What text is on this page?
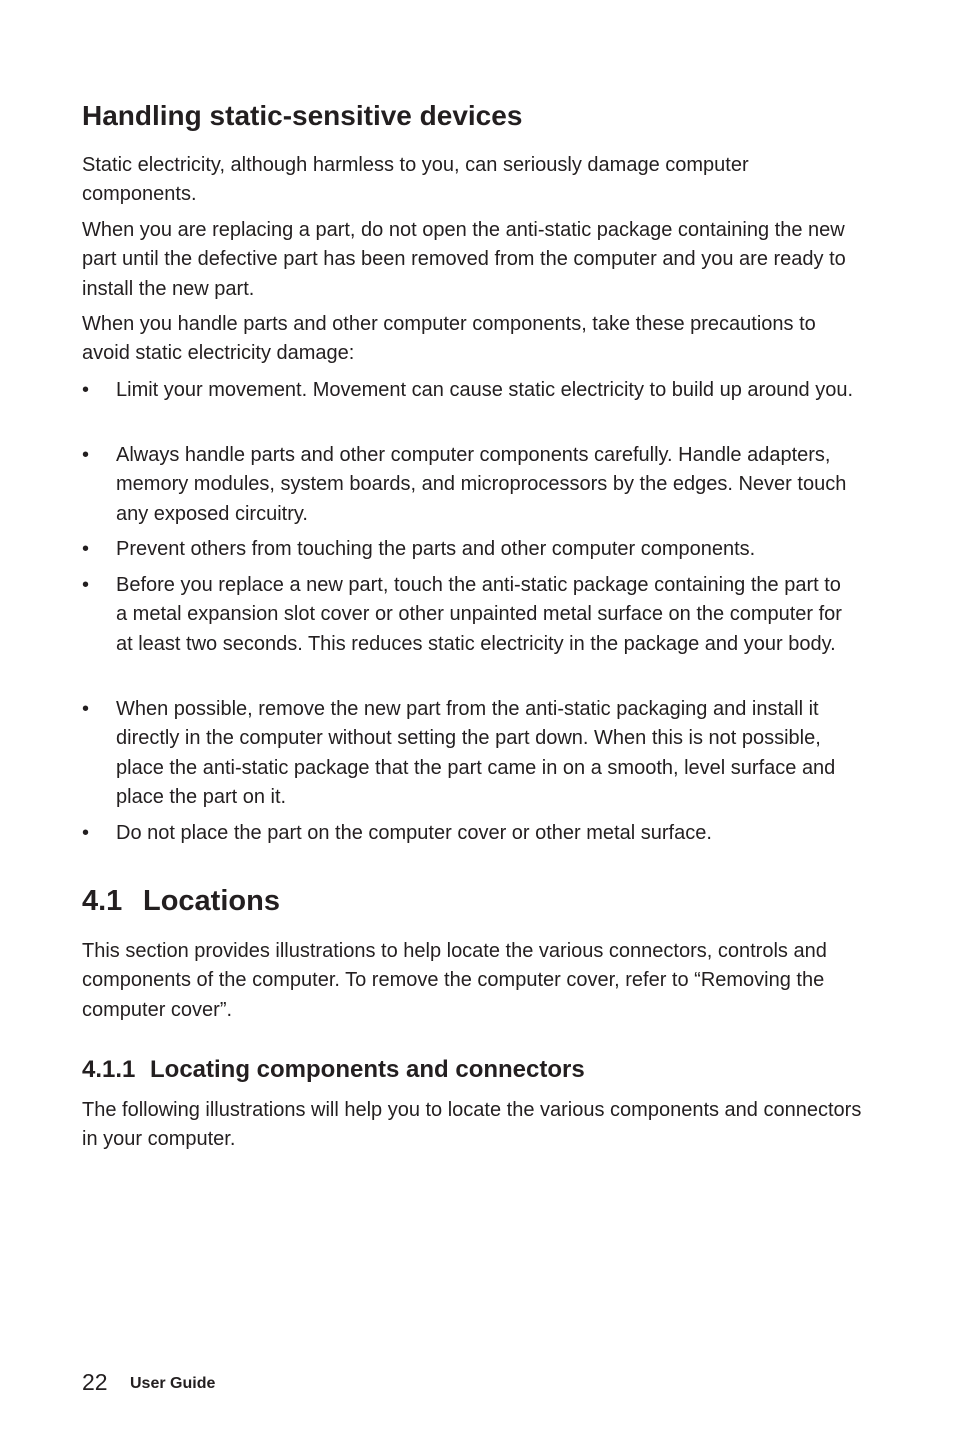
Handling static-sensitive devices

Static electricity, although harmless to you, can seriously damage computer components.

When you are replacing a part, do not open the anti-static package containing the new part until the defective part has been removed from the computer and you are ready to install the new part.

When you handle parts and other computer components, take these precautions to avoid static electricity damage:

•	Limit your movement. Movement can cause static electricity to build up around you.
•	Always handle parts and other computer components carefully. Handle adapters, memory modules, system boards, and microprocessors by the edges. Never touch any exposed circuitry.
•	Prevent others from touching the parts and other computer components.
•	Before you replace a new part, touch the anti-static package containing the part to a metal expansion slot cover or other unpainted metal surface on the computer for at least two seconds. This reduces static electricity in the package and your body.
•	When possible, remove the new part from the anti-static packaging and install it directly in the computer without setting the part down. When this is not possible, place the anti-static package that the part came in on a smooth, level surface and place the part on it.
•	Do not place the part on the computer cover or other metal surface.
4.1 Locations

This section provides illustrations to help locate the various connectors, controls and components of the computer. To remove the computer cover, refer to “Removing the computer cover”.

4.1.1 Locating components and connectors

The following illustrations will help you to locate the various components and connectors in your computer.

22 User Guide
